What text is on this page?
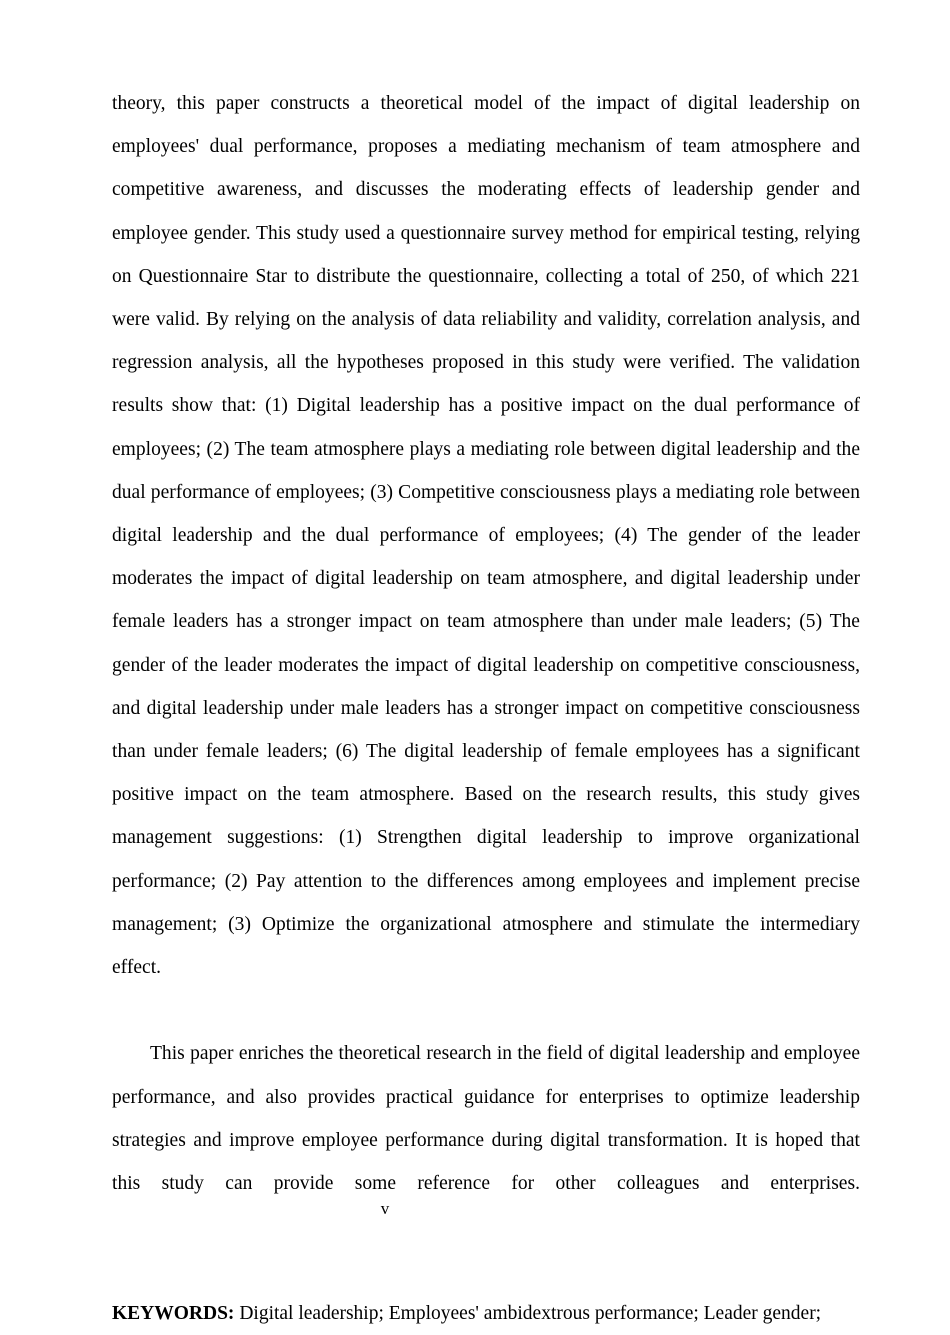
theory, this paper constructs a theoretical model of the impact of digital leadership on employees' dual performance, proposes a mediating mechanism of team atmosphere and competitive awareness, and discusses the moderating effects of leadership gender and employee gender. This study used a questionnaire survey method for empirical testing, relying on Questionnaire Star to distribute the questionnaire, collecting a total of 250, of which 221 were valid. By relying on the analysis of data reliability and validity, correlation analysis, and regression analysis, all the hypotheses proposed in this study were verified. The validation results show that: (1) Digital leadership has a positive impact on the dual performance of employees; (2) The team atmosphere plays a mediating role between digital leadership and the dual performance of employees; (3) Competitive consciousness plays a mediating role between digital leadership and the dual performance of employees; (4) The gender of the leader moderates the impact of digital leadership on team atmosphere, and digital leadership under female leaders has a stronger impact on team atmosphere than under male leaders; (5) The gender of the leader moderates the impact of digital leadership on competitive consciousness, and digital leadership under male leaders has a stronger impact on competitive consciousness than under female leaders; (6) The digital leadership of female employees has a significant positive impact on the team atmosphere. Based on the research results, this study gives management suggestions: (1) Strengthen digital leadership to improve organizational performance; (2) Pay attention to the differences among employees and implement precise management; (3) Optimize the organizational atmosphere and stimulate the intermediary effect.

This paper enriches the theoretical research in the field of digital leadership and employee performance, and also provides practical guidance for enterprises to optimize leadership strategies and improve employee performance during digital transformation. It is hoped that this study can provide some reference for other colleagues and enterprises.

KEYWORDS: Digital leadership; Employees' ambidextrous performance; Leader gender;

v
